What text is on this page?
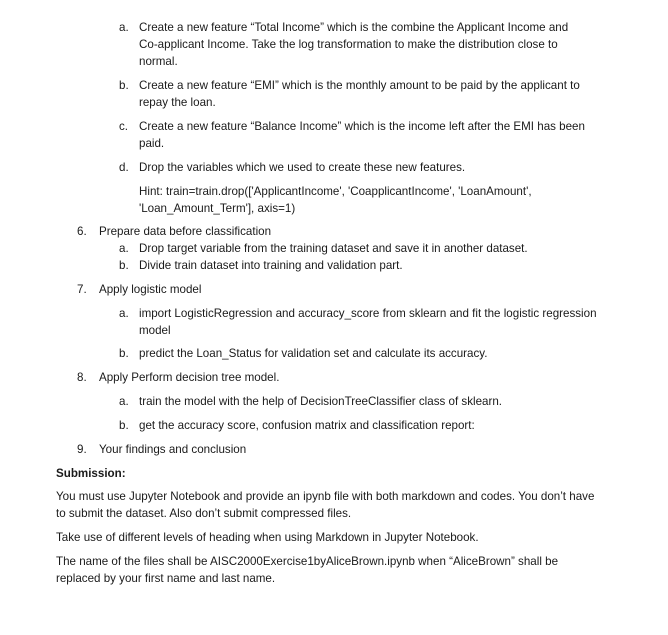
a. Create a new feature “Total Income” which is the combine the Applicant Income and Co-applicant Income. Take the log transformation to make the distribution close to normal.
b. Create a new feature “EMI” which is the monthly amount to be paid by the applicant to repay the loan.
c. Create a new feature “Balance Income” which is the income left after the EMI has been paid.
d. Drop the variables which we used to create these new features.
Hint: train=train.drop(['ApplicantIncome', 'CoapplicantIncome', 'LoanAmount', 'Loan_Amount_Term'], axis=1)
6.	Prepare data before classification
a. Drop target variable from the training dataset and save it in another dataset.
b. Divide train dataset into training and validation part.
7.	Apply logistic model
a. import LogisticRegression and accuracy_score from sklearn and fit the logistic regression model
b. predict the Loan_Status for validation set and calculate its accuracy.
8.	Apply Perform decision tree model.
a. train the model with the help of DecisionTreeClassifier class of sklearn.
b. get the accuracy score, confusion matrix and classification report:
9.	Your findings and conclusion
Submission:
You must use Jupyter Notebook and provide an ipynb file with both markdown and codes. You don’t have to submit the dataset. Also don’t submit compressed files.
Take use of different levels of heading when using Markdown in Jupyter Notebook.
The name of the files shall be AISC2000Exercise1byAliceBrown.ipynb when “AliceBrown” shall be replaced by your first name and last name.
